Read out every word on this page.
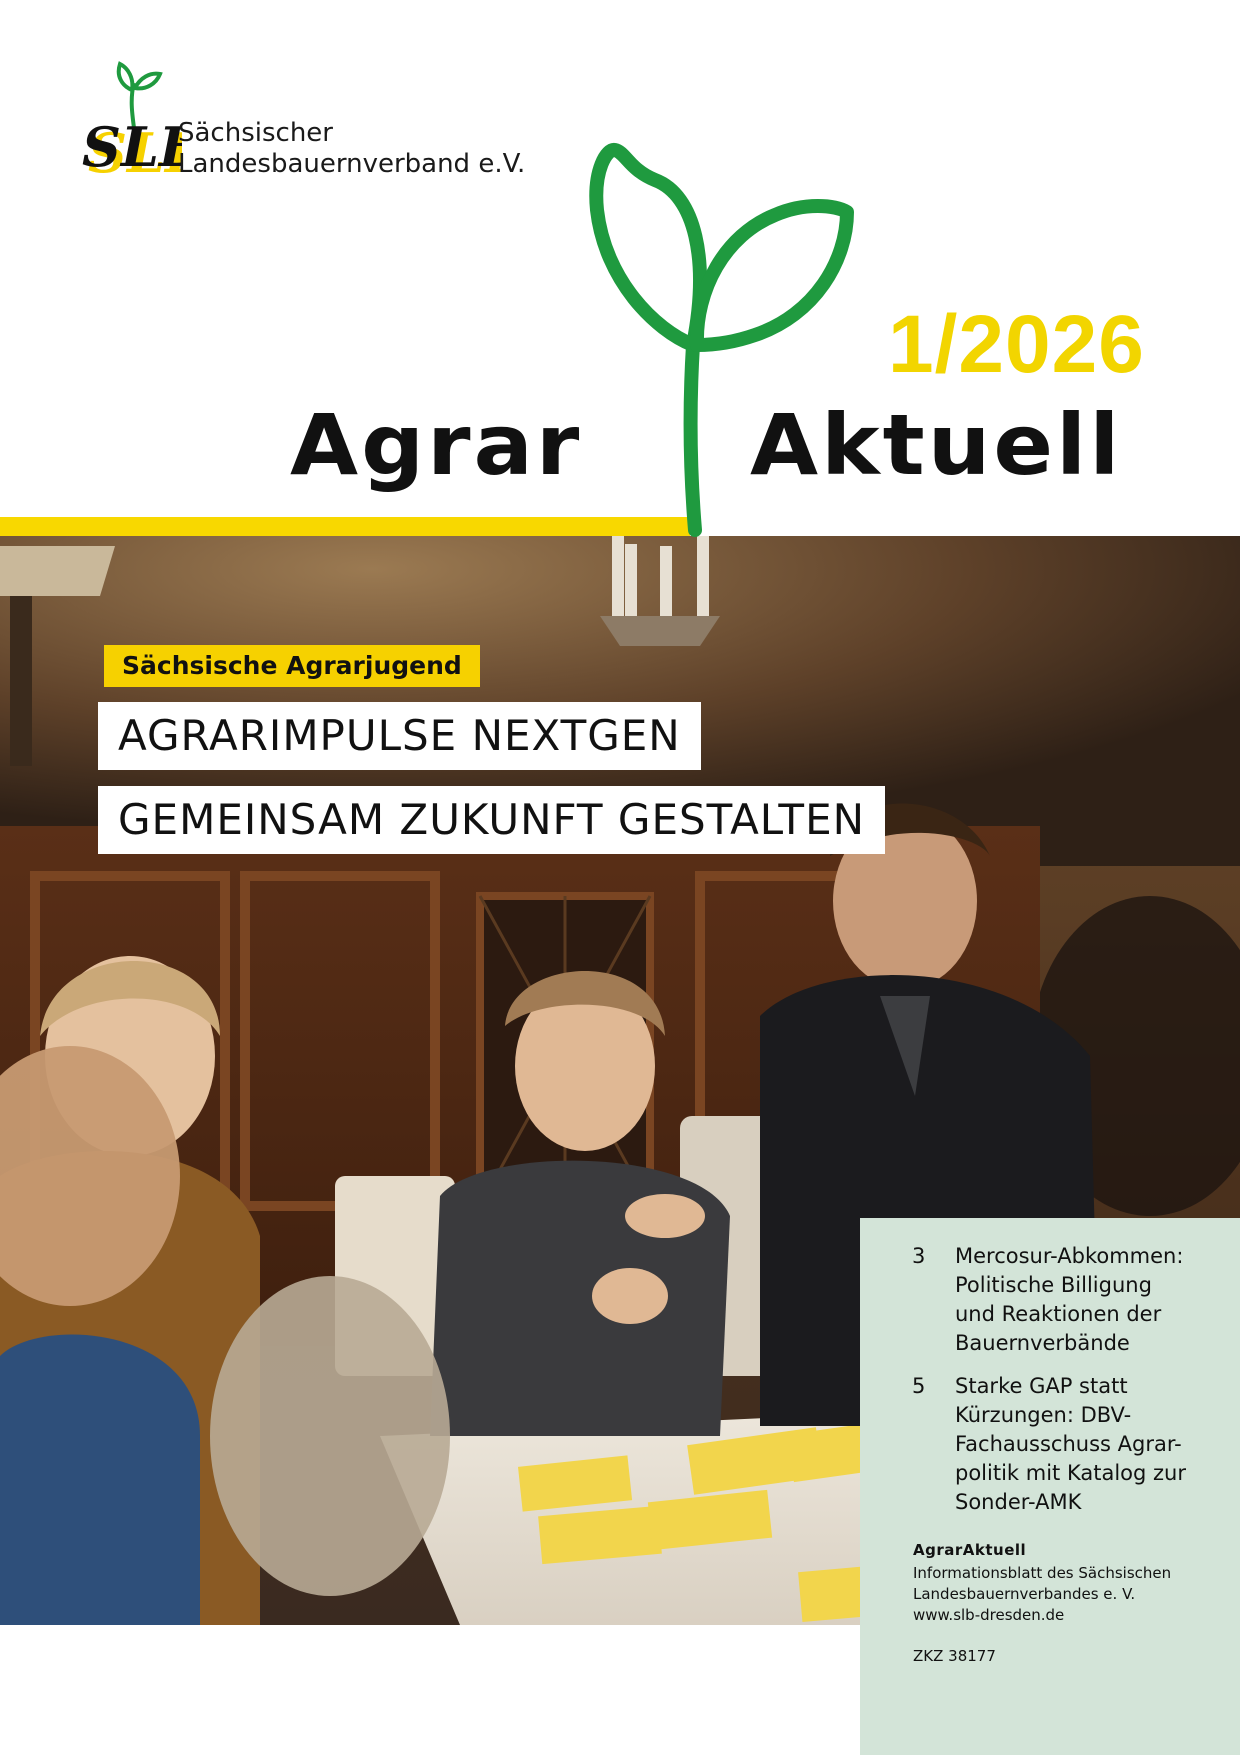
SL
SL Sächsischer
Landesbauernverband e.V.
1/2026
Agrar Aktuell
Sächsische Agrarjugend
AGRARIMPULSE NEXTGEN
GEMEINSAM ZUKUNFT GESTALTEN
3 Mercosur-Abkommen:
Politische Billigung
und Reaktionen der
Bauernverbände
5 Starke GAP statt
Kürzungen: DBV-
Fachausschuss Agrar-
politik mit Katalog zur
Sonder-AMK
AgrarAktuell
Informationsblatt des Sächsischen
Landesbauernverbandes e. V.
www.slb-dresden.de
ZKZ 38177
